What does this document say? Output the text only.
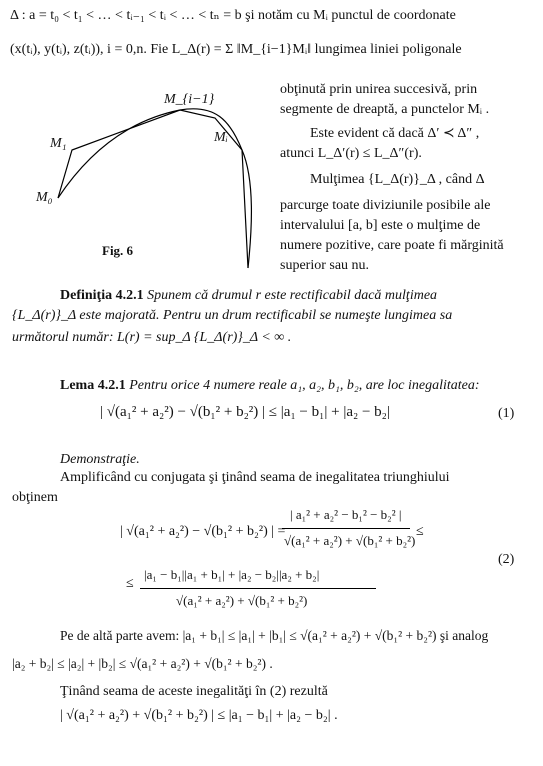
Δ : a = t₀ < t₁ < … < tᵢ₋₁ < tᵢ < … < tₙ = b şi notăm cu Mᵢ punctul de coordonate
(x(tᵢ), y(tᵢ), z(tᵢ)), i = 0,n. Fie L_Δ(r) = Σ ‖M_{i−1}Mᵢ‖ lungimea liniei poligonale
obţinută prin unirea succesivă, prin
segmente de dreaptă, a punctelor Mᵢ .
Este evident că dacă Δ′ ≺ Δ″ ,
atunci L_Δ′(r) ≤ L_Δ″(r).
Mulţimea {L_Δ(r)}_Δ , când Δ
parcurge toate diviziunile posibile ale
intervalului [a, b] este o mulţime de
numere pozitive, care poate fi mărginită
superior sau nu.
M₁
M₀
M_{i−1}
Mᵢ
Fig. 6
Definiţia 4.2.1 Spunem că drumul r este rectificabil dacă mulţimea
{L_Δ(r)}_Δ este majorată. Pentru un drum rectificabil se numeşte lungimea sa
următorul număr: L(r) = sup_Δ {L_Δ(r)}_Δ < ∞ .
Lema 4.2.1 Pentru orice 4 numere reale a₁, a₂, b₁, b₂, are loc inegalitatea:
| √(a₁² + a₂²) − √(b₁² + b₂²) | ≤ |a₁ − b₁| + |a₂ − b₂|	(1)
Demonstraţie.
Amplificând cu conjugata şi ţinând seama de inegalitatea triunghiului
obţinem
| √(a₁² + a₂²) − √(b₁² + b₂²) | =
| a₁² + a₂² − b₁² − b₂² |
√(a₁² + a₂²) + √(b₁² + b₂²)
≤
≤
|a₁ − b₁||a₁ + b₁| + |a₂ − b₂||a₂ + b₂|
√(a₁² + a₂²) + √(b₁² + b₂²)
(2)
Pe de altă parte avem: |a₁ + b₁| ≤ |a₁| + |b₁| ≤ √(a₁² + a₂²) + √(b₁² + b₂²) şi analog
|a₂ + b₂| ≤ |a₂| + |b₂| ≤ √(a₁² + a₂²) + √(b₁² + b₂²) .
Ţinând seama de aceste inegalităţi în (2) rezultă
| √(a₁² + a₂²) + √(b₁² + b₂²) | ≤ |a₁ − b₁| + |a₂ − b₂| .
